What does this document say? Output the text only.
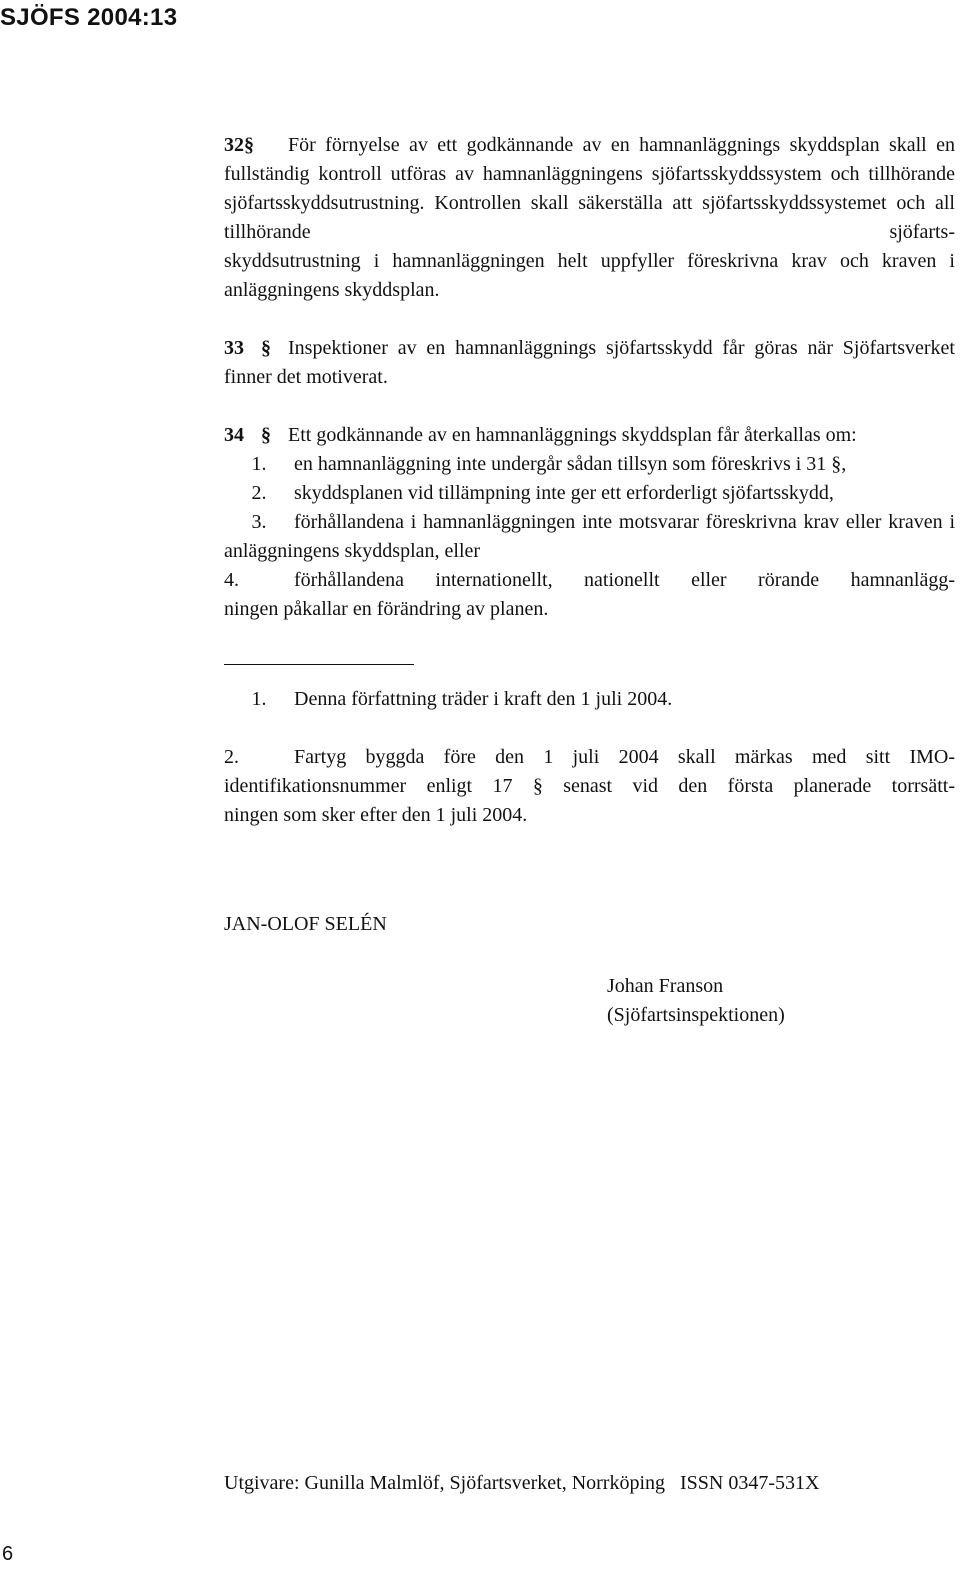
SJÖFS 2004:13

32§ För förnyelse av ett godkännande av en hamnanläggnings skyddsplan skall en fullständig kontroll utföras av hamnanläggningens sjöfartsskyddssystem och tillhörande sjöfartsskyddsutrustning. Kontrollen skall säkerställa att sjöfartsskyddssystemet och all tillhörande sjöfarts-

skyddsutrustning i hamnanläggningen helt uppfyller föreskrivna krav och kraven i anläggningens skyddsplan.

33 § Inspektioner av en hamnanläggnings sjöfartsskydd får göras när Sjöfartsverket finner det motiverat.

34 § Ett godkännande av en hamnanläggnings skyddsplan får återkallas om:

1.	en hamnanläggning inte undergår sådan tillsyn som föreskrivs i 31 §,

2.	skyddsplanen vid tillämpning inte ger ett erforderligt sjöfartsskydd,

3. förhållandena i hamnanläggningen inte motsvarar föreskrivna krav eller kraven i anläggningens skyddsplan, eller

4.	förhållandena internationellt, nationellt eller rörande hamnanlägg-

ningen påkallar en förändring av planen.

1.	Denna författning träder i kraft den 1 juli 2004.

2.	Fartyg byggda före den 1 juli 2004 skall märkas med sitt IMO-

identifikationsnummer enligt 17 § senast vid den första planerade torrsätt-

ningen som sker efter den 1 juli 2004.

JAN-OLOF SELÉN
Johan Franson
(Sjöfartsinspektionen)
Utgivare: Gunilla Malmlöf, Sjöfartsverket, Norrköping   ISSN 0347-531X
6
